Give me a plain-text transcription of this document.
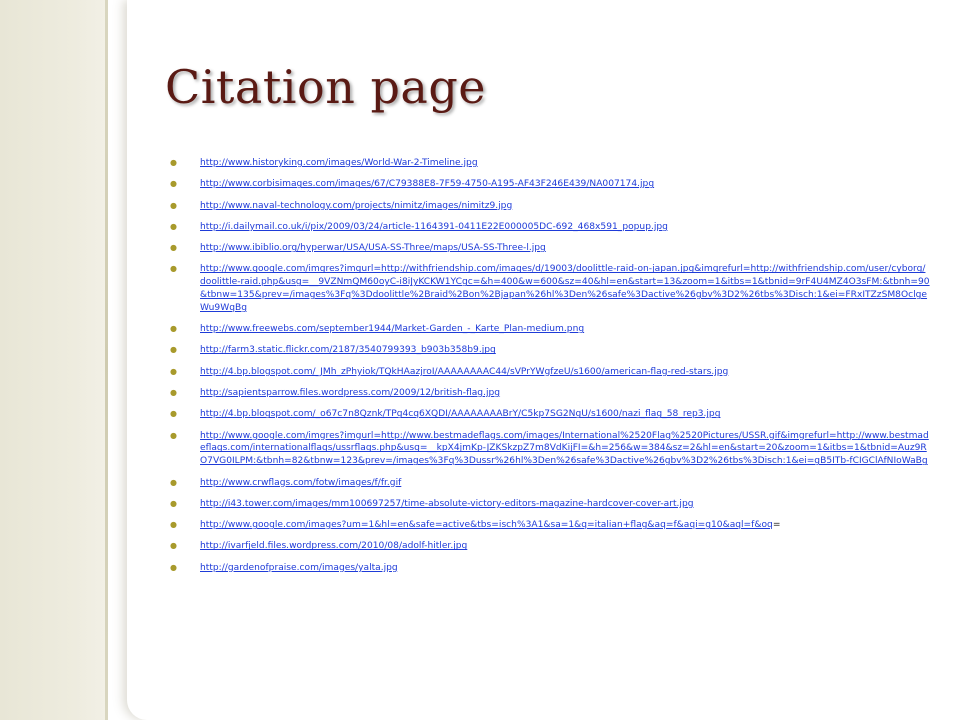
Citation page
●	http://www.historyking.com/images/World-War-2-Timeline.jpg
●	http://www.corbisimages.com/images/67/C79388E8-7F59-4750-A195-AF43F246E439/NA007174.jpg
●	http://www.naval-technology.com/projects/nimitz/images/nimitz9.jpg
●	http://i.dailymail.co.uk/i/pix/2009/03/24/article-1164391-0411E22E000005DC-692_468x591_popup.jpg
●	http://www.ibiblio.org/hyperwar/USA/USA-SS-Three/maps/USA-SS-Three-l.jpg
●	http://www.google.com/imgres?imgurl=http://withfriendship.com/images/d/19003/doolittle-raid-on-japan.jpg&imgrefurl=http://withfriendship.com/user/cyborg/doolittle-raid.php&usg=__9VZNmQM60oyC-i8iJyKCKW1YCgc=&h=400&w=600&sz=40&hl=en&start=13&zoom=1&itbs=1&tbnid=9rF4U4MZ4O3sFM:&tbnh=90&tbnw=135&prev=/images%3Fq%3Ddoolittle%2Braid%2Bon%2Bjapan%26hl%3Den%26safe%3Dactive%26gbv%3D2%26tbs%3Disch:1&ei=FRxITZzSM8OclgeWu9WqBg
●	http://www.freewebs.com/september1944/Market-Garden_-_Karte_Plan-medium.png
●	http://farm3.static.flickr.com/2187/3540799393_b903b358b9.jpg
●	http://4.bp.blogspot.com/_JMh_zPhyiok/TQkHAazjroI/AAAAAAAAC44/sVPrYWgfzeU/s1600/american-flag-red-stars.jpg
●	http://sapientsparrow.files.wordpress.com/2009/12/british-flag.jpg
●	http://4.bp.blogspot.com/_o67c7n8Qznk/TPg4cq6XQDI/AAAAAAAABrY/C5kp7SG2NgU/s1600/nazi_flag_58_rep3.jpg
●	http://www.google.com/imgres?imgurl=http://www.bestmadeflags.com/images/International%2520Flag%2520Pictures/USSR.gif&imgrefurl=http://www.bestmadeflags.com/internationalflags/ussrflags.php&usg=__kpX4jmKp-JZKSkzpZ7m8VdKijFI=&h=256&w=384&sz=2&hl=en&start=20&zoom=1&itbs=1&tbnid=Auz9RO7VG0ILPM:&tbnh=82&tbnw=123&prev=/images%3Fq%3Dussr%26hl%3Den%26safe%3Dactive%26gbv%3D2%26tbs%3Disch:1&ei=gB5ITb-fCIGClAfNIoWaBg
●	http://www.crwflags.com/fotw/images/f/fr.gif
●	http://i43.tower.com/images/mm100697257/time-absolute-victory-editors-magazine-hardcover-cover-art.jpg
●	http://www.google.com/images?um=1&hl=en&safe=active&tbs=isch%3A1&sa=1&q=italian+flag&aq=f&aqi=g10&aql=f&oq=
●	http://ivarfjeld.files.wordpress.com/2010/08/adolf-hitler.jpg
●	http://gardenofpraise.com/images/yalta.jpg
